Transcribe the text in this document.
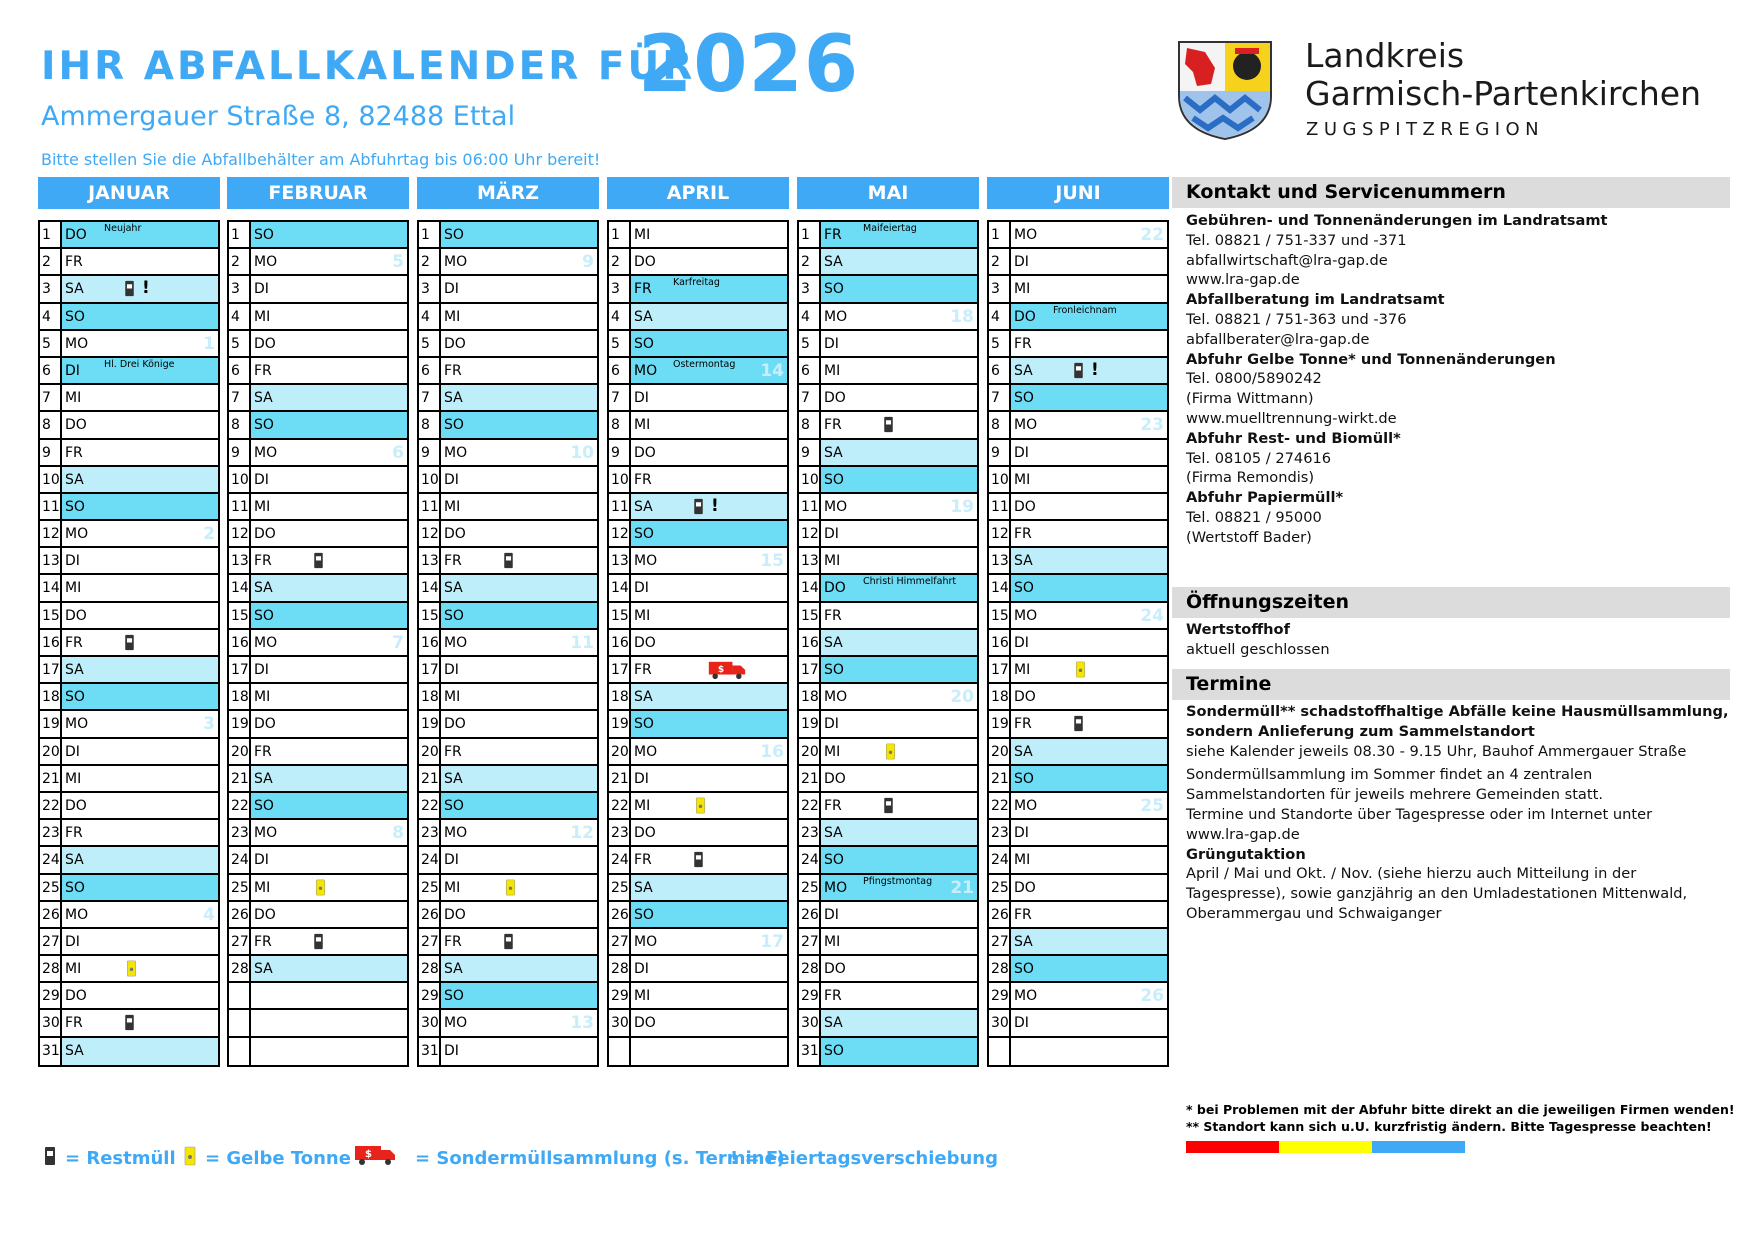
IHR ABFALLKALENDER FÜR
2026
Ammergauer Straße 8, 82488 Ettal
Bitte stellen Sie die Abfallbehälter am Abfuhrtag bis 06:00 Uhr bereit!
Landkreis
Garmisch-Partenkirchen
ZUGSPITZREGION
JANUAR
1	DO Neujahr
2	FR
3	SA	!
4	SO
5	MO	1
6	DI	Hl. Drei Könige
7	MI
8	DO
9	FR
10 SA
11 SO
12 MO	2
13 DI
14 MI
15 DO
16 FR
17 SA
18 SO
19 MO	3
20 DI
21 MI
22 DO
23 FR
24 SA
25 SO
26 MO	4
27 DI
28 MI
29 DO
30 FR
31 SA
FEBRUAR
1	SO
2	MO	5
3	DI
4	MI
5	DO
6	FR
7	SA
8	SO
9	MO	6
10 DI
11 MI
12 DO
13 FR
14 SA
15 SO
16 MO	7
17 DI
18 MI
19 DO
20 FR
21 SA
22 SO
23 MO	8
24 DI
25 MI
26 DO
27 FR
28 SA
MÄRZ
1	SO
2	MO	9
3	DI
4	MI
5	DO
6	FR
7	SA
8	SO
9	MO	10
10 DI
11 MI
12 DO
13 FR
14 SA
15 SO
16 MO	11
17 DI
18 MI
19 DO
20 FR
21 SA
22 SO
23 MO	12
24 DI
25 MI
26 DO
27 FR
28 SA
29 SO
30 MO	13
31 DI
APRIL
1	MI
2	DO
3	FR Karfreitag
4	SA
5	SO
6	MO Ostermontag 14
7	DI
8	MI
9	DO
10 FR
11 SA	!
12 SO
13 MO	15
14 DI
15 MI
16 DO
17 FR	$
18 SA
19 SO
20 MO	16
21 DI
22 MI
23 DO
24 FR
25 SA
26 SO
27 MO	17
28 DI
29 MI
30 DO
MAI
1	FR Maifeiertag
2	SA
3	SO
4	MO	18
5	DI
6	MI
7	DO
8	FR
9	SA
10 SO
11 MO	19
12 DI
13 MI
14 DO Christi Himmelfahrt
15 FR
16 SA
17 SO
18 MO	20
19 DI
20 MI
21 DO
22 FR
23 SA
24 SO
25 MO Pfingstmontag 21
26 DI
27 MI
28 DO
29 FR
30 SA
31 SO
JUNI
1	MO	22
2	DI
3	MI
4	DO Fronleichnam
5	FR
6	SA	!
7	SO
8	MO	23
9	DI
10 MI
11 DO
12 FR
13 SA
14 SO
15 MO	24
16 DI
17 MI
18 DO
19 FR
20 SA
21 SO
22 MO	25
23 DI
24 MI
25 DO
26 FR
27 SA
28 SO
29 MO	26
30 DI
Kontakt und Servicenummern
Gebühren- und Tonnenänderungen im Landratsamt
Tel. 08821 / 751-337 und -371
abfallwirtschaft@lra-gap.de
www.lra-gap.de
Abfallberatung im Landratsamt
Tel. 08821 / 751-363 und -376
abfallberater@lra-gap.de
Abfuhr Gelbe Tonne* und Tonnenänderungen
Tel. 0800/5890242
(Firma Wittmann)
www.muelltrennung-wirkt.de
Abfuhr Rest- und Biomüll*
Tel. 08105 / 274616
(Firma Remondis)
Abfuhr Papiermüll*
Tel. 08821 / 95000
(Wertstoff Bader)
Öffnungszeiten
Wertstoffhof
aktuell geschlossen
Termine
Sondermüll** schadstoffhaltige Abfälle keine Hausmüllsammlung,
sondern Anlieferung zum Sammelstandort
siehe Kalender jeweils 08.30 - 9.15 Uhr, Bauhof Ammergauer Straße
Sondermüllsammlung im Sommer findet an 4 zentralen
Sammelstandorten für jeweils mehrere Gemeinden statt.
Termine und Standorte über Tagespresse oder im Internet unter
www.lra-gap.de
Grüngutaktion
April / Mai und Okt. / Nov. (siehe hierzu auch Mitteilung in der
Tagespresse), sowie ganzjährig an den Umladestationen Mittenwald,
Oberammergau und Schwaiganger
* bei Problemen mit der Abfuhr bitte direkt an die jeweiligen Firmen wenden!
** Standort kann sich u.U. kurzfristig ändern. Bitte Tagespresse beachten!
= Restmüll = Gelbe Tonne $ = Sondermüllsammlung (s. Termine)
! = Feiertagsverschiebung
